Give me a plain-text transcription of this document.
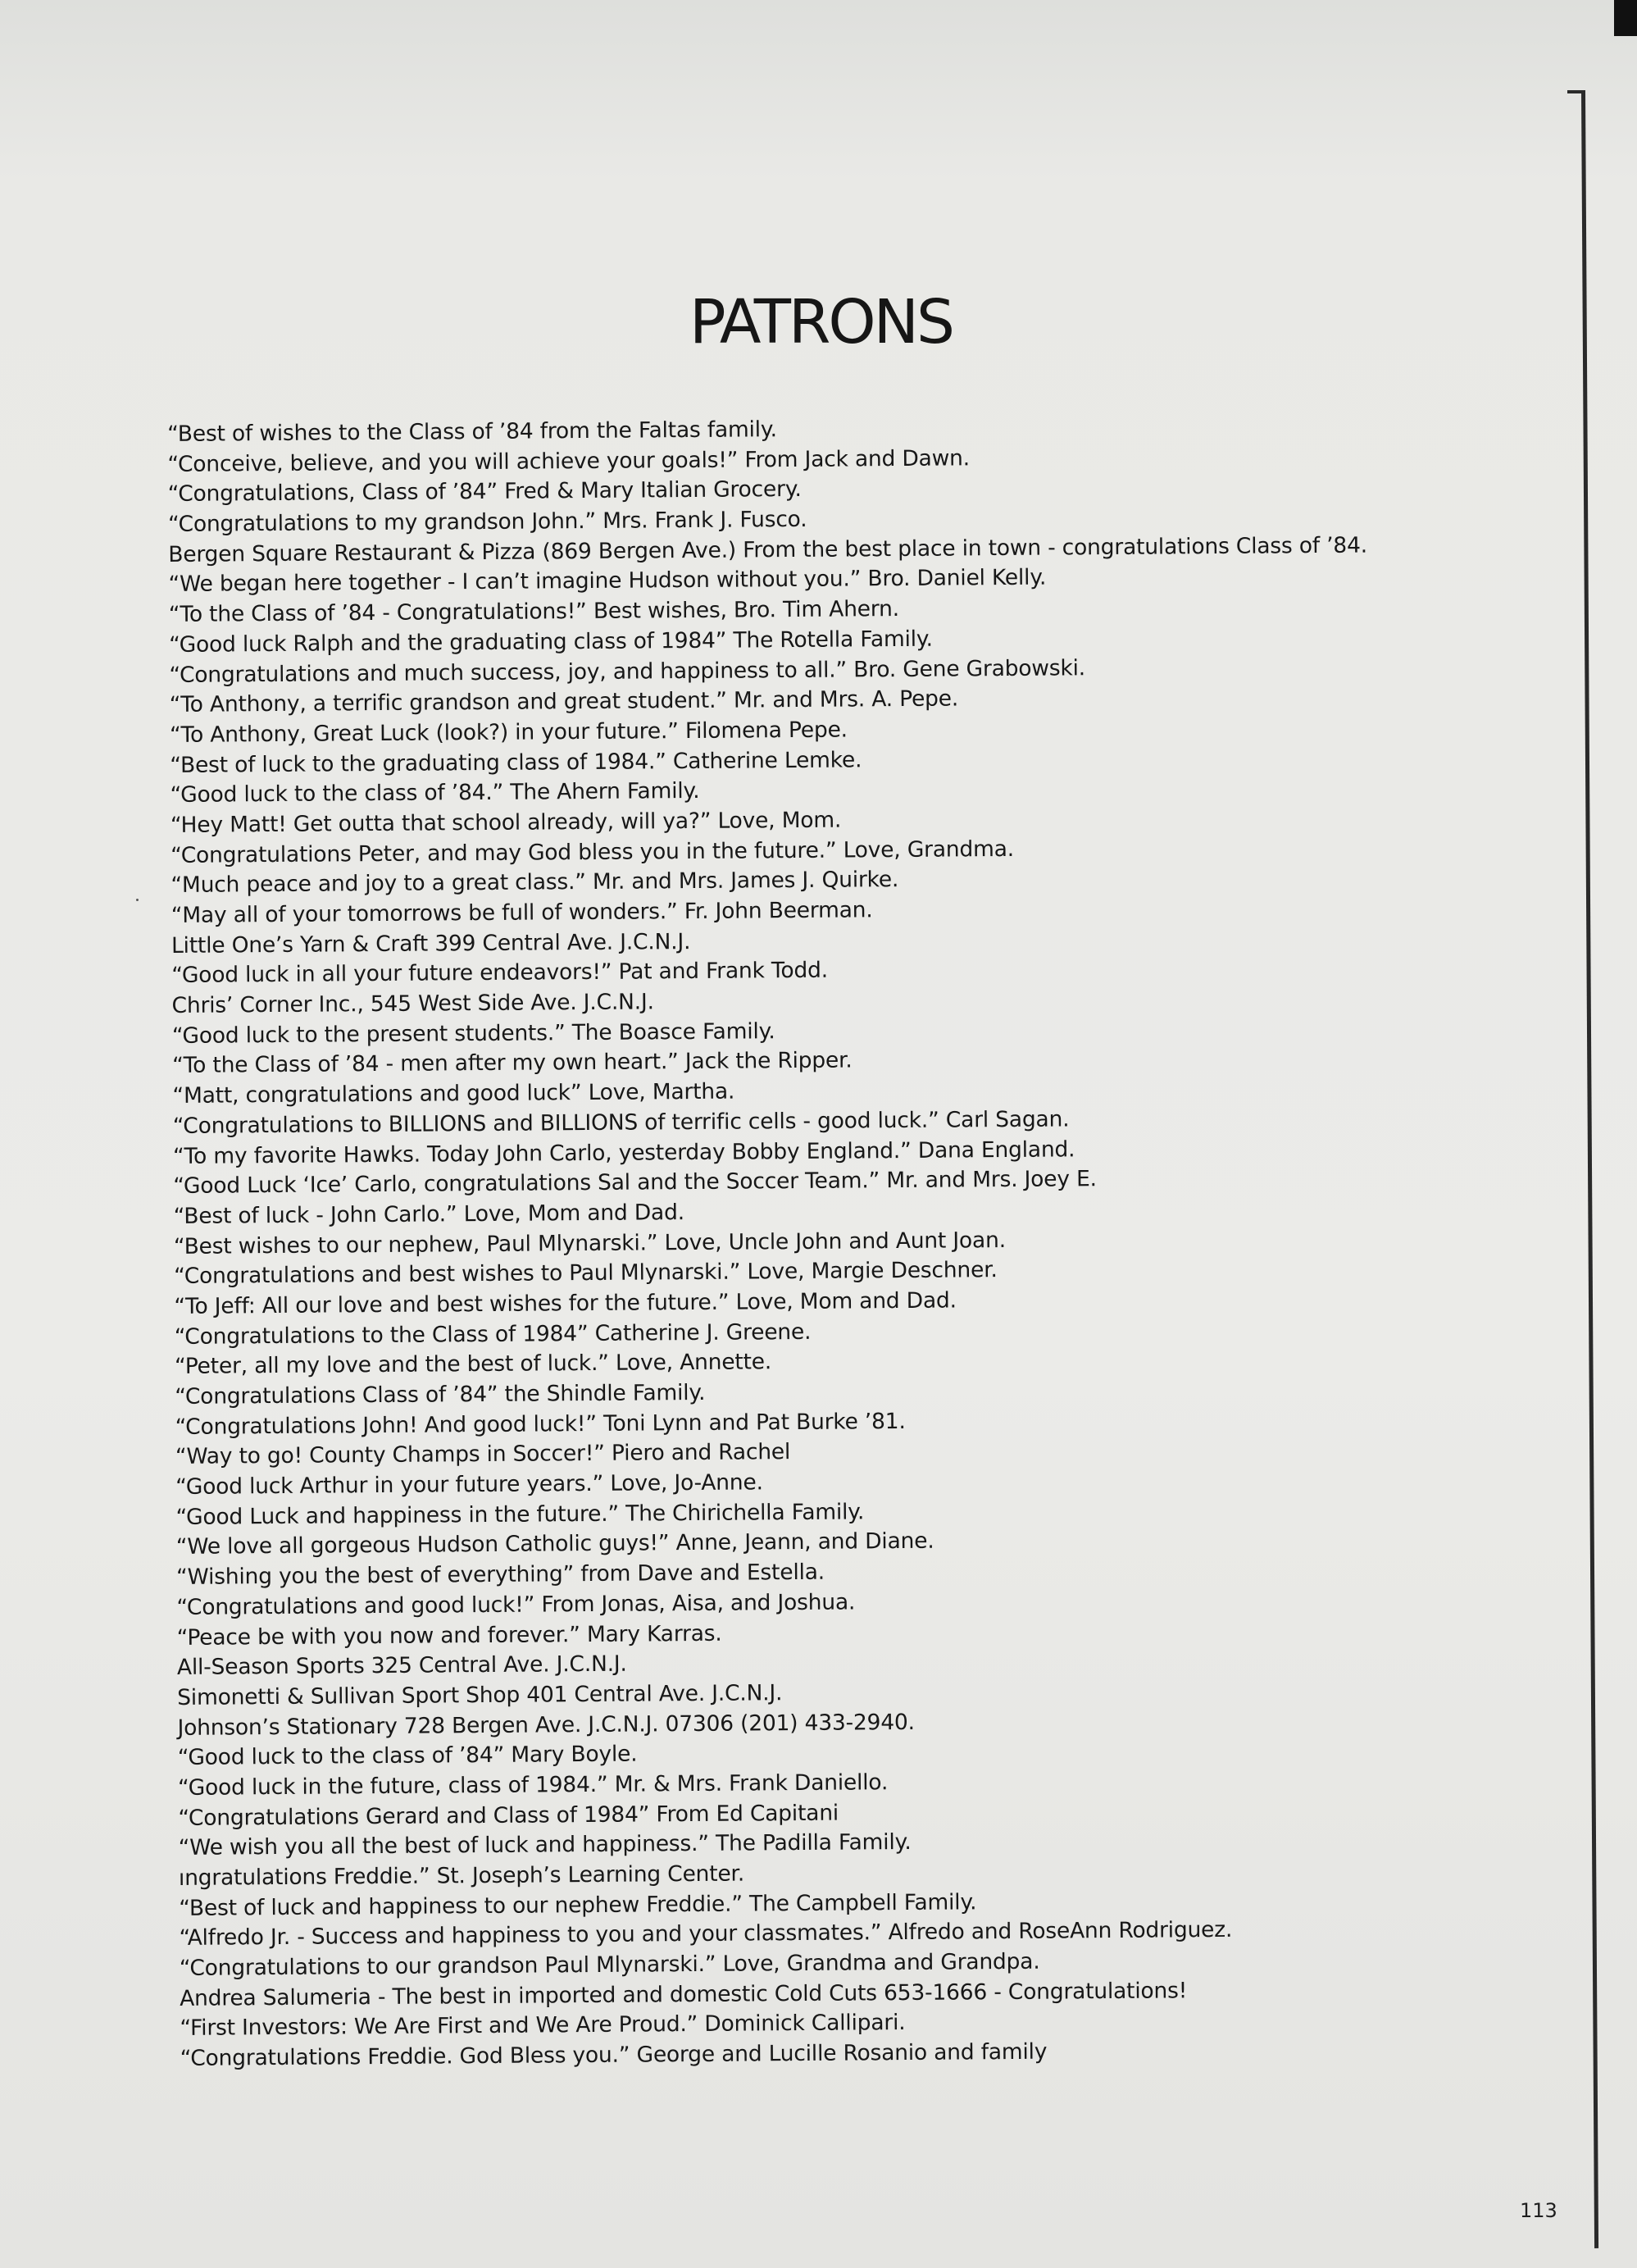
PATRONS
“Best of wishes to the Class of ’84 from the Faltas family.
“Conceive, believe, and you will achieve your goals!” From Jack and Dawn.
“Congratulations, Class of ’84” Fred & Mary Italian Grocery.
“Congratulations to my grandson John.” Mrs. Frank J. Fusco.
Bergen Square Restaurant & Pizza (869 Bergen Ave.) From the best place in town - congratulations Class of ’84.
“We began here together - I can’t imagine Hudson without you.” Bro. Daniel Kelly.
“To the Class of ’84 - Congratulations!” Best wishes, Bro. Tim Ahern.
“Good luck Ralph and the graduating class of 1984” The Rotella Family.
“Congratulations and much success, joy, and happiness to all.” Bro. Gene Grabowski.
“To Anthony, a terrific grandson and great student.” Mr. and Mrs. A. Pepe.
“To Anthony, Great Luck (look?) in your future.” Filomena Pepe.
“Best of luck to the graduating class of 1984.” Catherine Lemke.
“Good luck to the class of ’84.” The Ahern Family.
“Hey Matt! Get outta that school already, will ya?” Love, Mom.
“Congratulations Peter, and may God bless you in the future.” Love, Grandma.
“Much peace and joy to a great class.” Mr. and Mrs. James J. Quirke.
“May all of your tomorrows be full of wonders.” Fr. John Beerman.
Little One’s Yarn & Craft 399 Central Ave. J.C.N.J.
“Good luck in all your future endeavors!” Pat and Frank Todd.
Chris’ Corner Inc., 545 West Side Ave. J.C.N.J.
“Good luck to the present students.” The Boasce Family.
“To the Class of ’84 - men after my own heart.” Jack the Ripper.
“Matt, congratulations and good luck” Love, Martha.
“Congratulations to BILLIONS and BILLIONS of terrific cells - good luck.” Carl Sagan.
“To my favorite Hawks. Today John Carlo, yesterday Bobby England.” Dana England.
“Good Luck ‘Ice’ Carlo, congratulations Sal and the Soccer Team.” Mr. and Mrs. Joey E.
“Best of luck - John Carlo.” Love, Mom and Dad.
“Best wishes to our nephew, Paul Mlynarski.” Love, Uncle John and Aunt Joan.
“Congratulations and best wishes to Paul Mlynarski.” Love, Margie Deschner.
“To Jeff: All our love and best wishes for the future.” Love, Mom and Dad.
“Congratulations to the Class of 1984” Catherine J. Greene.
“Peter, all my love and the best of luck.” Love, Annette.
“Congratulations Class of ’84” the Shindle Family.
“Congratulations John! And good luck!” Toni Lynn and Pat Burke ’81.
“Way to go! County Champs in Soccer!” Piero and Rachel
“Good luck Arthur in your future years.” Love, Jo-Anne.
“Good Luck and happiness in the future.” The Chirichella Family.
“We love all gorgeous Hudson Catholic guys!” Anne, Jeann, and Diane.
“Wishing you the best of everything” from Dave and Estella.
“Congratulations and good luck!” From Jonas, Aisa, and Joshua.
“Peace be with you now and forever.” Mary Karras.
All-Season Sports 325 Central Ave. J.C.N.J.
Simonetti & Sullivan Sport Shop 401 Central Ave. J.C.N.J.
Johnson’s Stationary 728 Bergen Ave. J.C.N.J. 07306 (201) 433-2940.
“Good luck to the class of ’84” Mary Boyle.
“Good luck in the future, class of 1984.” Mr. & Mrs. Frank Daniello.
“Congratulations Gerard and Class of 1984” From Ed Capitani
“We wish you all the best of luck and happiness.” The Padilla Family.
ıngratulations Freddie.” St. Joseph’s Learning Center.
“Best of luck and happiness to our nephew Freddie.” The Campbell Family.
“Alfredo Jr. - Success and happiness to you and your classmates.” Alfredo and RoseAnn Rodriguez.
“Congratulations to our grandson Paul Mlynarski.” Love, Grandma and Grandpa.
Andrea Salumeria - The best in imported and domestic Cold Cuts 653-1666 - Congratulations!
“First Investors: We Are First and We Are Proud.” Dominick Callipari.
“Congratulations Freddie. God Bless you.” George and Lucille Rosanio and family
113
